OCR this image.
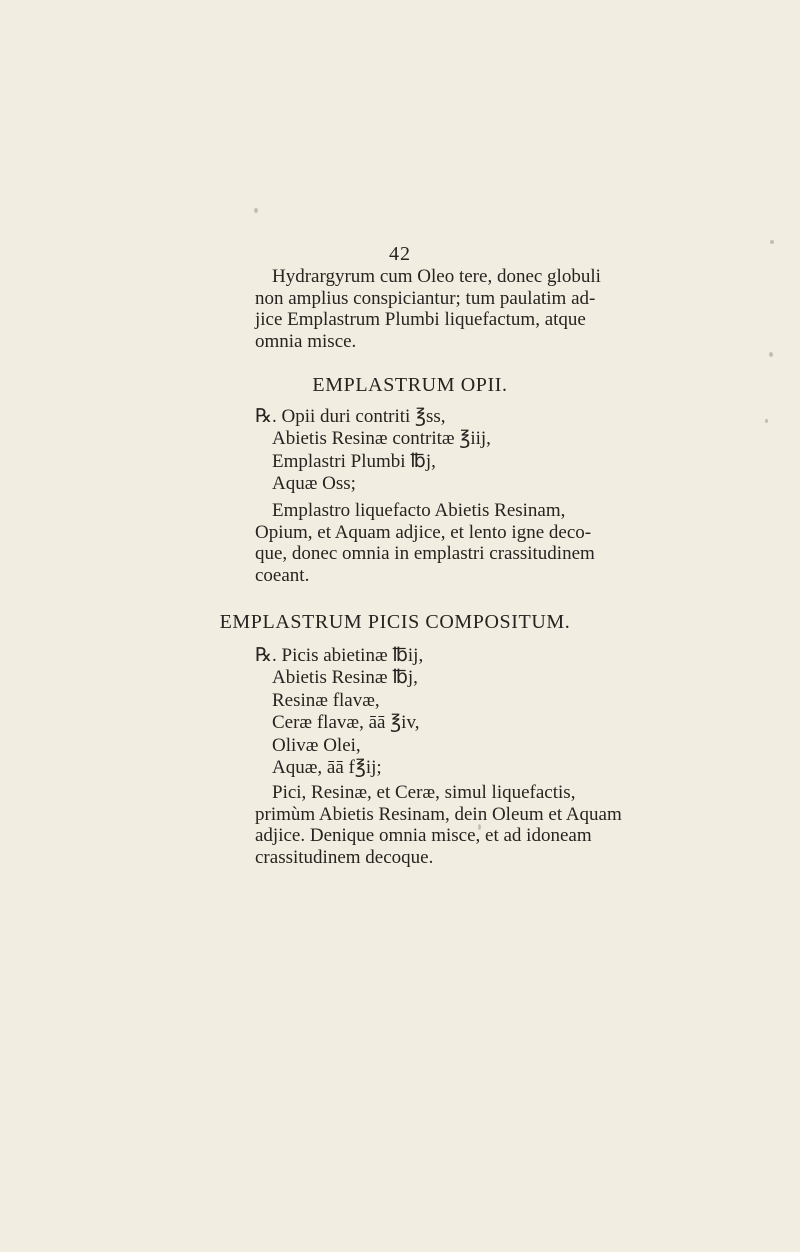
42
Hydrargyrum cum Oleo tere, donec globuli
non amplius conspiciantur; tum paulatim ad-
jice Emplastrum Plumbi liquefactum, atque
omnia misce.
EMPLASTRUM OPII.
℞. Opii duri contriti ℥ss,
Abietis Resinæ contritæ ℥iij,
Emplastri Plumbi ℔j,
Aquæ Oss;
Emplastro liquefacto Abietis Resinam,
Opium, et Aquam adjice, et lento igne deco-
que, donec omnia in emplastri crassitudinem
coeant.
EMPLASTRUM PICIS COMPOSITUM.
℞. Picis abietinæ ℔ij,
Abietis Resinæ ℔j,
Resinæ flavæ,
Ceræ flavæ, āā ℥iv,
Olivæ Olei,
Aquæ, āā f℥ij;
Pici, Resinæ, et Ceræ, simul liquefactis,
primùm Abietis Resinam, dein Oleum et Aquam
adjice. Denique omnia misce, et ad idoneam
crassitudinem decoque.
